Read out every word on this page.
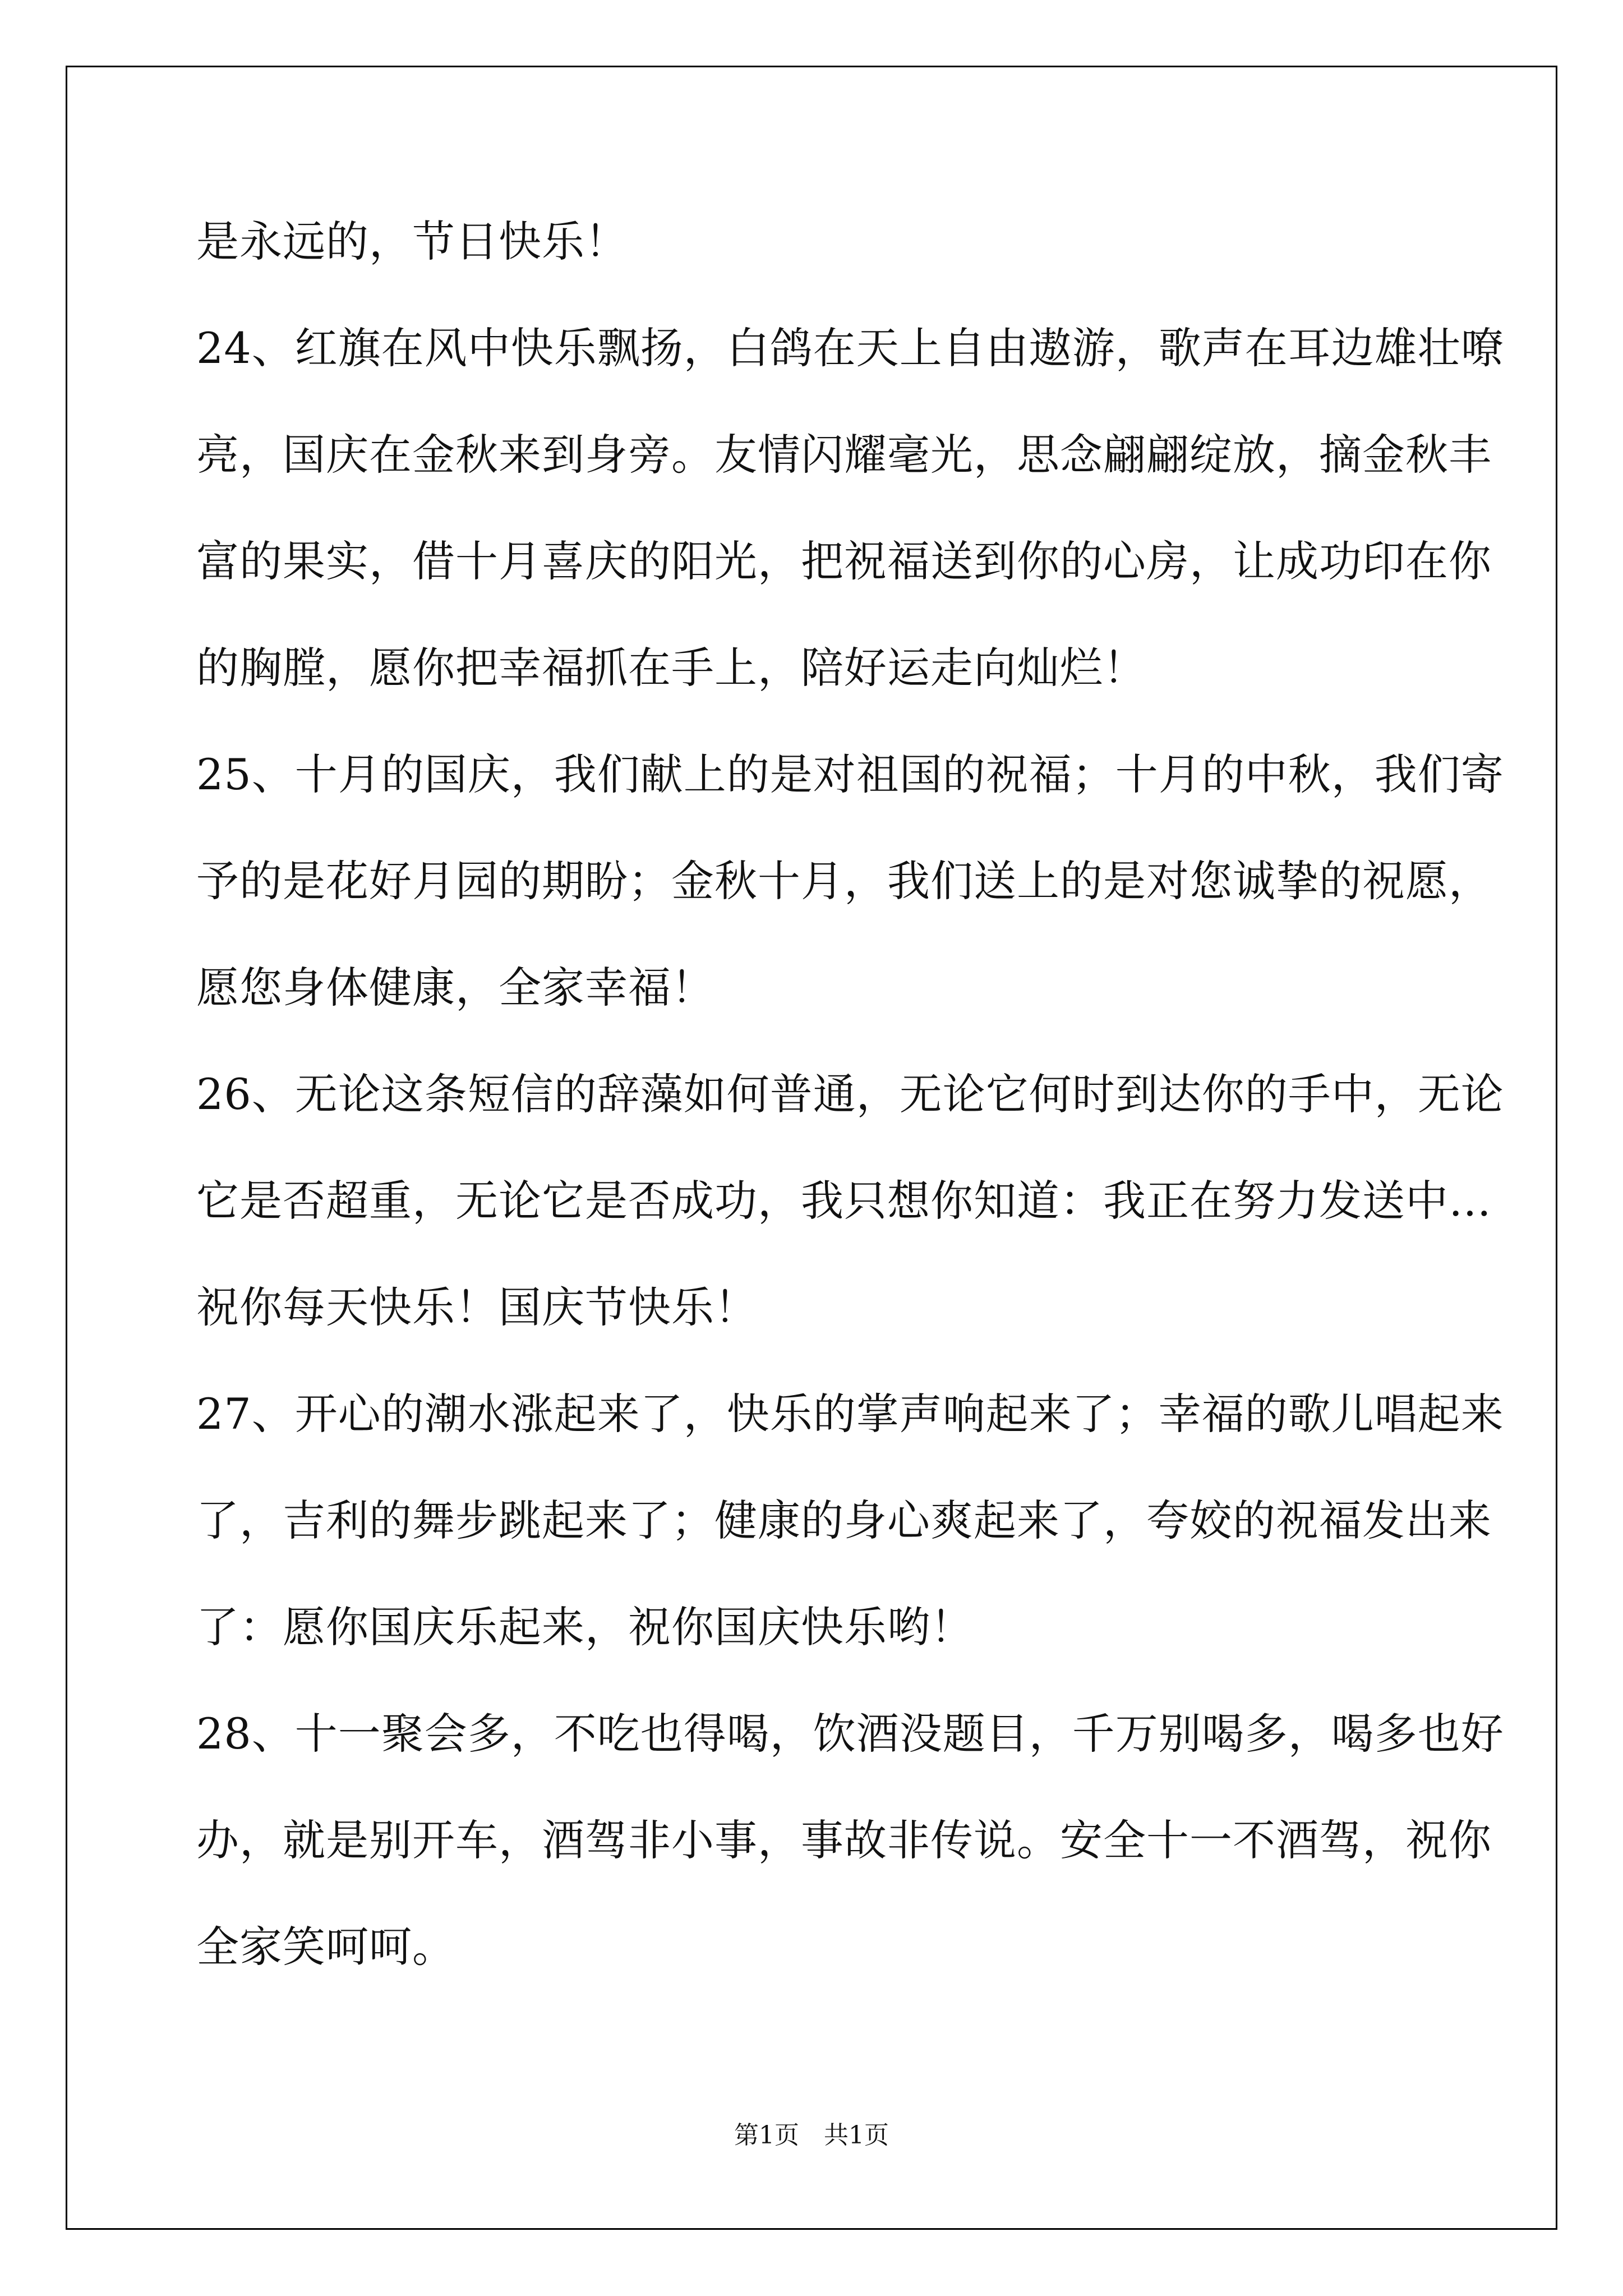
是永远的，节日快乐！
24、红旗在风中快乐飘扬，白鸽在天上自由遨游，歌声在耳边雄壮嘹
亮，国庆在金秋来到身旁。友情闪耀毫光，思念翩翩绽放，摘金秋丰
富的果实，借十月喜庆的阳光，把祝福送到你的心房，让成功印在你
的胸膛，愿你把幸福抓在手上，陪好运走向灿烂！
25、十月的国庆，我们献上的是对祖国的祝福；十月的中秋，我们寄
予的是花好月园的期盼；金秋十月，我们送上的是对您诚挚的祝愿，
愿您身体健康，全家幸福！
26、无论这条短信的辞藻如何普通，无论它何时到达你的手中，无论
它是否超重，无论它是否成功，我只想你知道：我正在努力发送中…
祝你每天快乐！国庆节快乐！
27、开心的潮水涨起来了，快乐的掌声响起来了；幸福的歌儿唱起来
了，吉利的舞步跳起来了；健康的身心爽起来了，夸姣的祝福发出来
了：愿你国庆乐起来，祝你国庆快乐哟！
28、十一聚会多，不吃也得喝，饮酒没题目，千万别喝多，喝多也好
办，就是别开车，酒驾非小事，事故非传说。安全十一不酒驾，祝你
全家笑呵呵。
第1页　共1页
